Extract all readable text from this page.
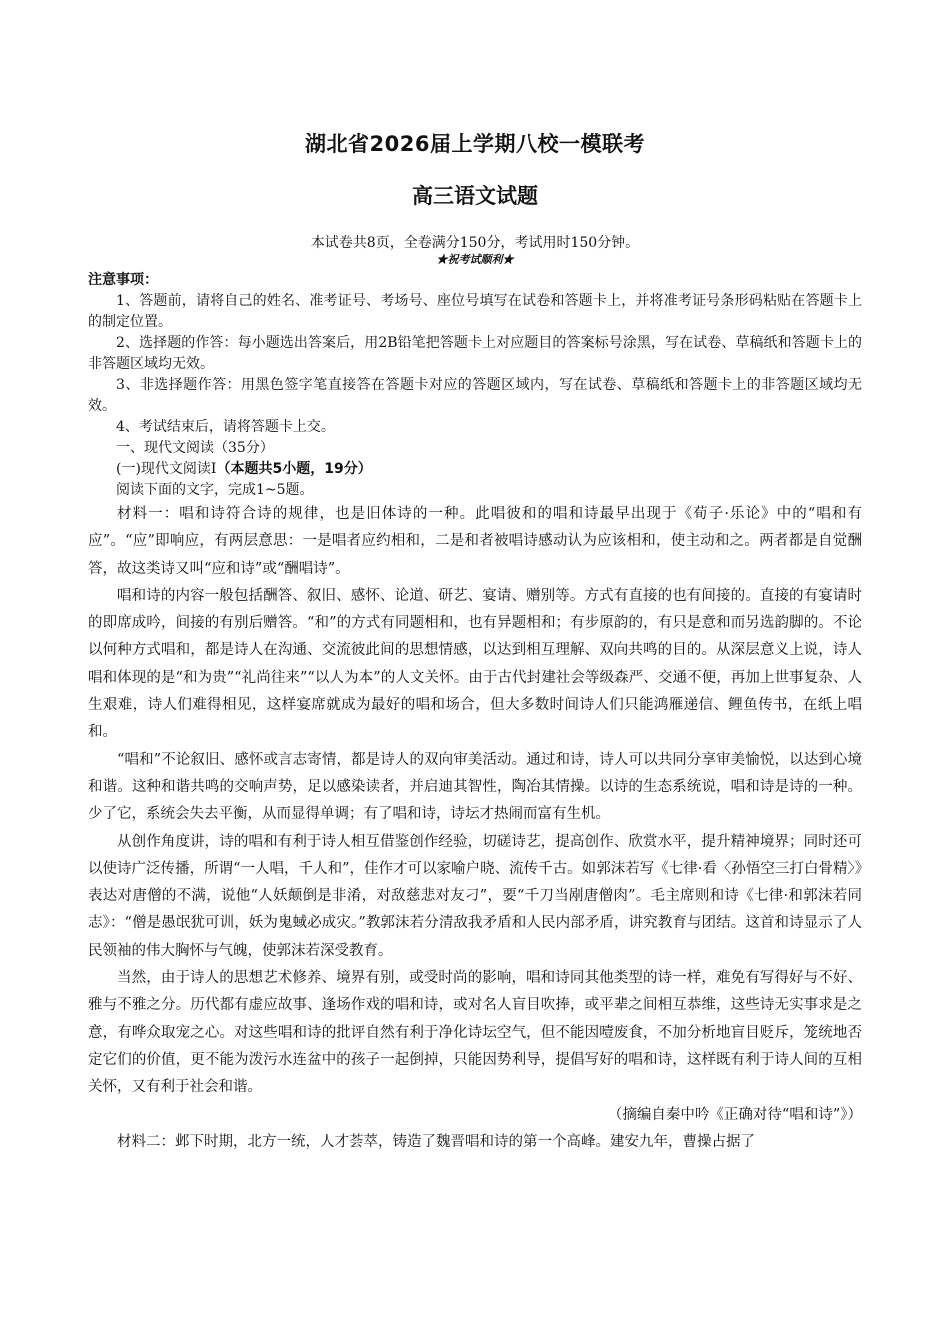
湖北省2026届上学期八校一模联考
高三语文试题
本试卷共8页，全卷满分150分，考试用时150分钟。
★祝考试顺利★
注意事项：

1、答题前，请将自己的姓名、准考证号、考场号、座位号填写在试卷和答题卡上，并将准考证号条形码粘贴在答题卡上的制定位置。

2、选择题的作答：每小题选出答案后，用2B铅笔把答题卡上对应题目的答案标号涂黑，写在试卷、草稿纸和答题卡上的非答题区域均无效。

3、非选择题作答：用黑色签字笔直接答在答题卡对应的答题区域内，写在试卷、草稿纸和答题卡上的非答题区域均无效。

4、考试结束后，请将答题卡上交。

一、现代文阅读（35分）

(一)现代文阅读Ⅰ（本题共5小题，19分）

阅读下面的文字，完成1~5题。

材料一：唱和诗符合诗的规律，也是旧体诗的一种。此唱彼和的唱和诗最早出现于《荀子·乐论》中的“唱和有应”。“应”即响应，有两层意思：一是唱者应约相和，二是和者被唱诗感动认为应该相和，使主动和之。两者都是自觉酬答，故这类诗又叫“应和诗”或“酬唱诗”。

唱和诗的内容一般包括酬答、叙旧、感怀、论道、研艺、宴请、赠别等。方式有直接的也有间接的。直接的有宴请时的即席成吟，间接的有别后赠答。“和”的方式有同题相和，也有异题相和；有步原韵的，有只是意和而另选韵脚的。不论以何种方式唱和，都是诗人在沟通、交流彼此间的思想情感，以达到相互理解、双向共鸣的目的。从深层意义上说，诗人唱和体现的是“和为贵”“礼尚往来”“以人为本”的人文关怀。由于古代封建社会等级森严、交通不便，再加上世事复杂、人生艰难，诗人们难得相见，这样宴席就成为最好的唱和场合，但大多数时间诗人们只能鸿雁递信、鲤鱼传书，在纸上唱和。

“唱和”不论叙旧、感怀或言志寄情，都是诗人的双向审美活动。通过和诗，诗人可以共同分享审美愉悦，以达到心境和谐。这种和谐共鸣的交响声势，足以感染读者，并启迪其智性，陶冶其情操。以诗的生态系统说，唱和诗是诗的一种。少了它，系统会失去平衡，从而显得单调；有了唱和诗，诗坛才热闹而富有生机。

从创作角度讲，诗的唱和有利于诗人相互借鉴创作经验，切磋诗艺，提高创作、欣赏水平，提升精神境界；同时还可以使诗广泛传播，所谓“一人唱，千人和”，佳作才可以家喻户晓、流传千古。如郭沫若写《七律·看〈孙悟空三打白骨精〉》表达对唐僧的不满，说他“人妖颠倒是非淆，对敌慈悲对友刁”，要“千刀当剐唐僧肉”。毛主席则和诗《七律·和郭沫若同志》：“僧是愚氓犹可训，妖为鬼蜮必成灾。”教郭沫若分清敌我矛盾和人民内部矛盾，讲究教育与团结。这首和诗显示了人民领袖的伟大胸怀与气魄，使郭沫若深受教育。

当然，由于诗人的思想艺术修养、境界有别，或受时尚的影响，唱和诗同其他类型的诗一样，难免有写得好与不好、雅与不雅之分。历代都有虚应故事、逢场作戏的唱和诗，或对名人盲目吹捧，或平辈之间相互恭维，这些诗无实事求是之意，有哗众取宠之心。对这些唱和诗的批评自然有利于净化诗坛空气，但不能因噎废食，不加分析地盲目贬斥，笼统地否定它们的价值，更不能为泼污水连盆中的孩子一起倒掉，只能因势利导，提倡写好的唱和诗，这样既有利于诗人间的互相关怀，又有利于社会和谐。

（摘编自秦中吟《正确对待“唱和诗”》）

材料二：邺下时期，北方一统，人才荟萃，铸造了魏晋唱和诗的第一个高峰。建安九年，曹操占据了
